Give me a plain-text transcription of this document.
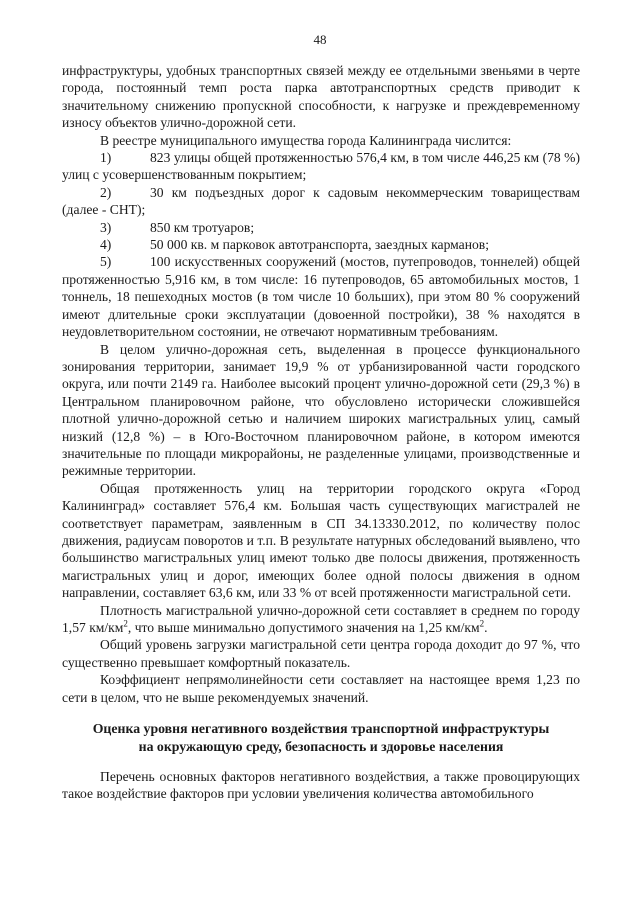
48

инфраструктуры, удобных транспортных связей между ее отдельными звеньями в черте города, постоянный темп роста парка автотранспортных средств приводит к значительному снижению пропускной способности, к нагрузке и преждевременному износу объектов улично-дорожной сети.

В реестре муниципального имущества города Калининграда числится:

1)	823 улицы общей протяженностью 576,4 км, в том числе 446,25 км (78 %) улиц с усовершенствованным покрытием;

2)	30 км подъездных дорог к садовым некоммерческим товариществам (далее - СНТ);

3)	850 км тротуаров;

4)	50 000 кв. м парковок автотранспорта, заездных карманов;

5)	100 искусственных сооружений (мостов, путепроводов, тоннелей) общей протяженностью 5,916 км, в том числе: 16 путепроводов, 65 автомобильных мостов, 1 тоннель, 18 пешеходных мостов (в том числе 10 больших), при этом 80 % сооружений имеют длительные сроки эксплуатации (довоенной постройки), 38 % находятся в неудовлетворительном состоянии, не отвечают нормативным требованиям.

В целом улично-дорожная сеть, выделенная в процессе функционального зонирования территории, занимает 19,9 % от урбанизированной части городского округа, или почти 2149 га. Наиболее высокий процент улично-дорожной сети (29,3 %) в Центральном планировочном районе, что обусловлено исторически сложившейся плотной улично-дорожной сетью и наличием широких магистральных улиц, самый низкий (12,8 %) – в Юго-Восточном планировочном районе, в котором имеются значительные по площади микрорайоны, не разделенные улицами, производственные и режимные территории.

Общая протяженность улиц на территории городского округа «Город Калининград» составляет 576,4 км. Большая часть существующих магистралей не соответствует параметрам, заявленным в СП 34.13330.2012, по количеству полос движения, радиусам поворотов и т.п. В результате натурных обследований выявлено, что большинство магистральных улиц имеют только две полосы движения, протяженность магистральных улиц и дорог, имеющих более одной полосы движения в одном направлении, составляет 63,6 км, или 33 % от всей протяженности магистральной сети.

Плотность магистральной улично-дорожной сети составляет в среднем по городу 1,57 $км/км^2$, что выше минимально допустимого значения на 1,25 $км/км^2$.

Общий уровень загрузки магистральной сети центра города доходит до 97 %, что существенно превышает комфортный показатель.

Коэффициент непрямолинейности сети составляет на настоящее время 1,23 по сети в целом, что не выше рекомендуемых значений.

Оценка уровня негативного воздействия транспортной инфраструктуры
на окружающую среду, безопасность и здоровье населения

Перечень основных факторов негативного воздействия, а также провоцирующих такое воздействие факторов при условии увеличения количества автомобильного
